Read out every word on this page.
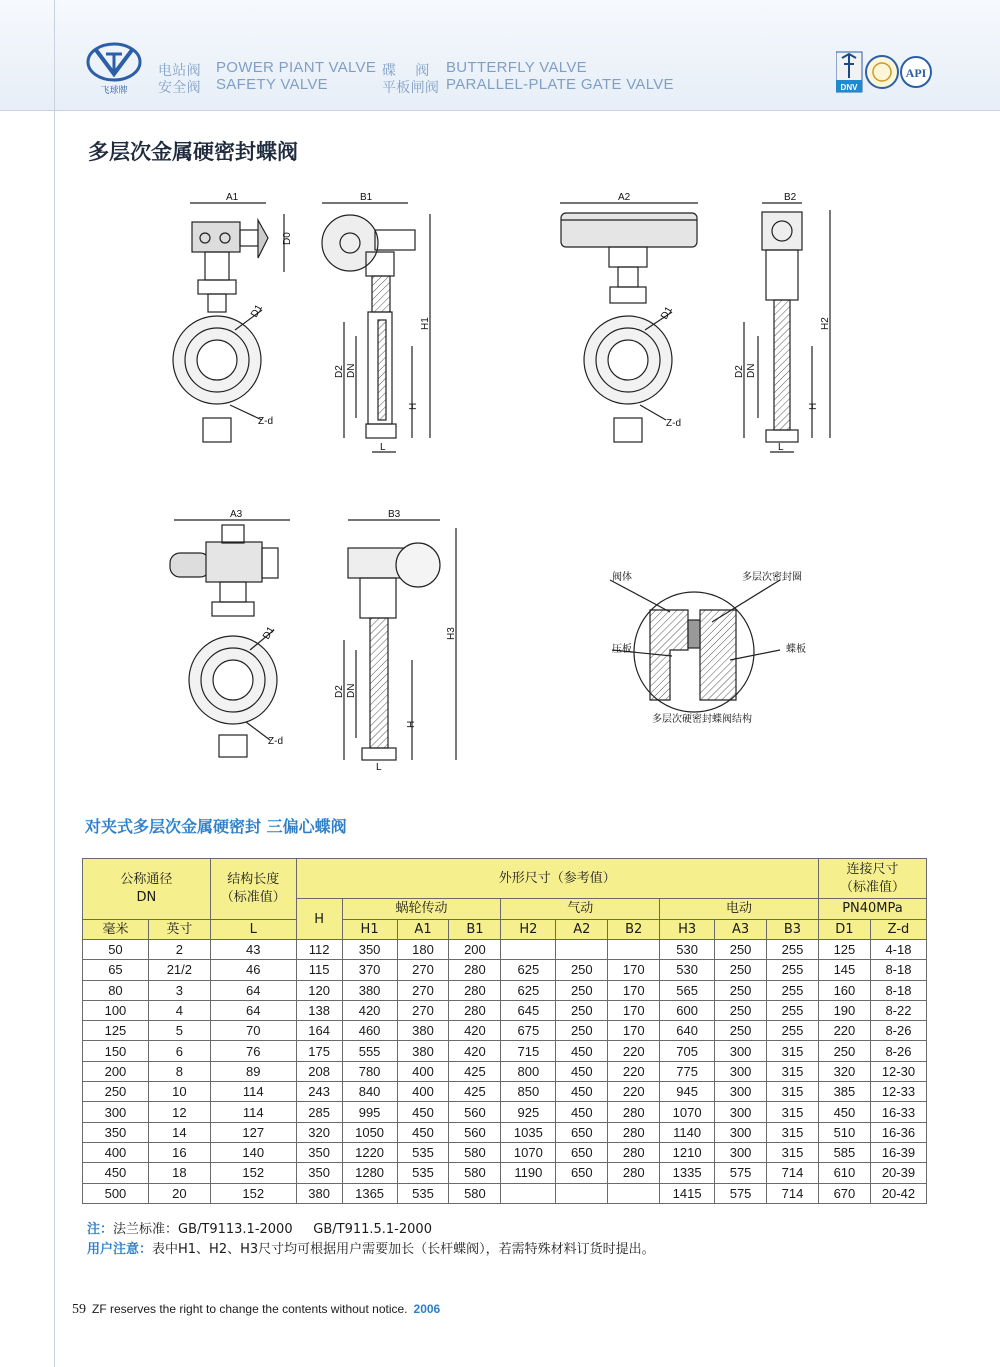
飞球牌
电站阀 POWER PIANT VALVE
安全阀 SAFETY VALVE
碟    阀 BUTTERFLY VALVE
平板闸阀 PARALLEL-PLATE GATE VALVE	DNV
API
多层次金属硬密封蝶阀
A1	B1	A2	B2
A3	B3
D0
D1	D1
D1
Z-d	Z-d
Z-d
H1	H2
H3
H	H
H
D2	D2
D2
DN	DN
DN
L	L
L
阀体	多层次密封圈
压板	蝶板
多层次硬密封蝶阀结构
对夹式多层次金属硬密封 三偏心蝶阀
公称通径
DN		结构长度
（标准值）	外形尺寸（参考值）										连接尺寸
（标准值）	
			H	蜗轮传动			气动			电动			PN40MPa	
毫米	英寸	L		H1	A1	B1	H2	A2	B2	H3	A3	B3	D1	Z-d
50	2	43	112	350	180	200				530	250	255	125	4-18
65	21/2	46	115	370	270	280	625	250	170	530	250	255	145	8-18
80	3	64	120	380	270	280	625	250	170	565	250	255	160	8-18
100	4	64	138	420	270	280	645	250	170	600	250	255	190	8-22
125	5	70	164	460	380	420	675	250	170	640	250	255	220	8-26
150	6	76	175	555	380	420	715	450	220	705	300	315	250	8-26
200	8	89	208	780	400	425	800	450	220	775	300	315	320	12-30
250	10	114	243	840	400	425	850	450	220	945	300	315	385	12-33
300	12	114	285	995	450	560	925	450	280	1070	300	315	450	16-33
350	14	127	320	1050	450	560	1035	650	280	1140	300	315	510	16-36
400	16	140	350	1220	535	580	1070	650	280	1210	300	315	585	16-39
450	18	152	350	1280	535	580	1190	650	280	1335	575	714	610	20-39
500	20	152	380	1365	535	580				1415	575	714	670	20-42
注：法兰标准：GB/T9113.1-2000     GB/T911.5.1-2000
用户注意：表中H1、H2、H3尺寸均可根据用户需要加长（长杆蝶阀），若需特殊材料订货时提出。
59 ZF reserves the right to change the contents without notice. 2006
